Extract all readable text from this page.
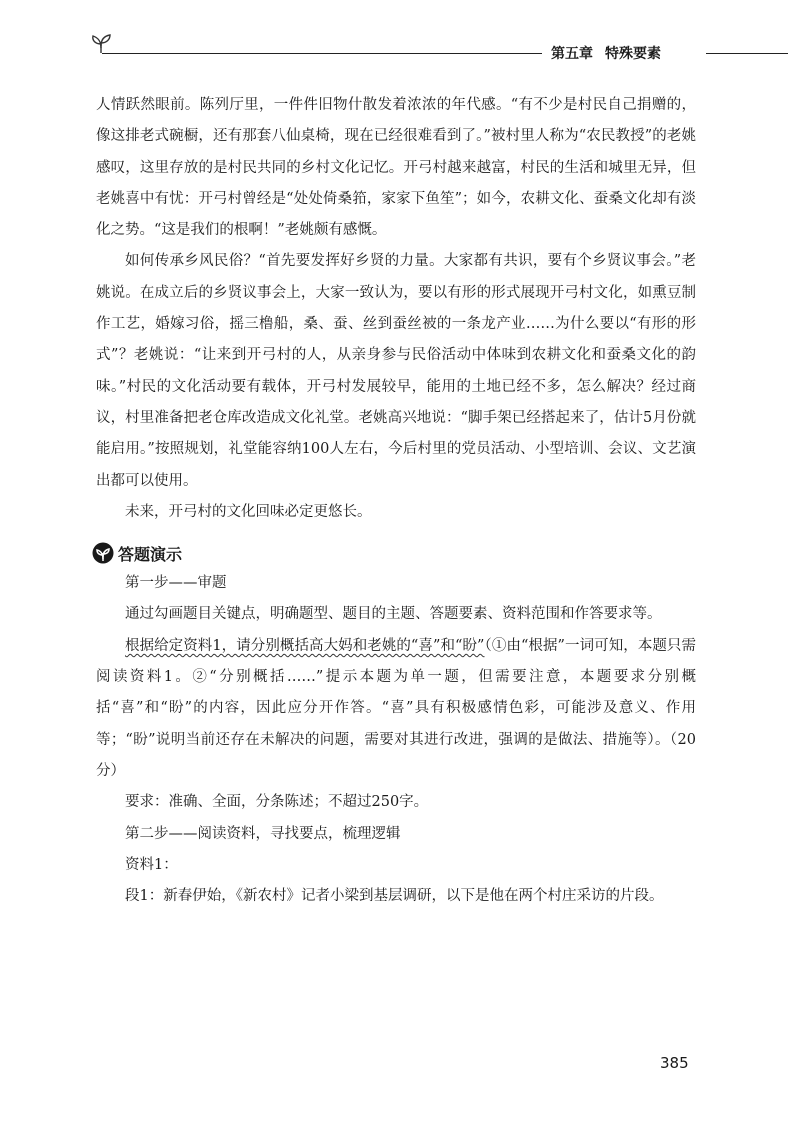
第五章 特殊要素

人情跃然眼前。陈列厅里，一件件旧物什散发着浓浓的年代感。“有不少是村民自己捐赠的，像这排老式碗橱，还有那套八仙桌椅，现在已经很难看到了。”被村里人称为“农民教授”的老姚感叹，这里存放的是村民共同的乡村文化记忆。开弓村越来越富，村民的生活和城里无异，但老姚喜中有忧：开弓村曾经是“处处倚桑筘，家家下鱼笙”；如今，农耕文化、蚕桑文化却有淡化之势。“这是我们的根啊！”老姚颇有感慨。

如何传承乡风民俗？“首先要发挥好乡贤的力量。大家都有共识，要有个乡贤议事会。”老姚说。在成立后的乡贤议事会上，大家一致认为，要以有形的形式展现开弓村文化，如熏豆制作工艺，婚嫁习俗，摇三橹船，桑、蚕、丝到蚕丝被的一条龙产业……为什么要以“有形的形式”？老姚说：“让来到开弓村的人，从亲身参与民俗活动中体味到农耕文化和蚕桑文化的韵味。”村民的文化活动要有载体，开弓村发展较早，能用的土地已经不多，怎么解决？经过商议，村里准备把老仓库改造成文化礼堂。老姚高兴地说：“脚手架已经搭起来了，估计5月份就能启用。”按照规划，礼堂能容纳100人左右，今后村里的党员活动、小型培训、会议、文艺演出都可以使用。

未来，开弓村的文化回味必定更悠长。

答题演示

第一步——审题

通过勾画题目关键点，明确题型、题目的主题、答题要素、资料范围和作答要求等。

根据给定资料1，请分别概括高大妈和老姚的“喜”和“盼”（①由“根据”一词可知，本题只需阅读资料1。②“分别概括……”提示本题为单一题，但需要注意，本题要求分别概括“喜”和“盼”的内容，因此应分开作答。“喜”具有积极感情色彩，可能涉及意义、作用等；“盼”说明当前还存在未解决的问题，需要对其进行改进，强调的是做法、措施等）。（20分）

要求：准确、全面，分条陈述；不超过250字。

第二步——阅读资料，寻找要点，梳理逻辑

资料1：

段1：新春伊始，《新农村》记者小梁到基层调研，以下是他在两个村庄采访的片段。

385
